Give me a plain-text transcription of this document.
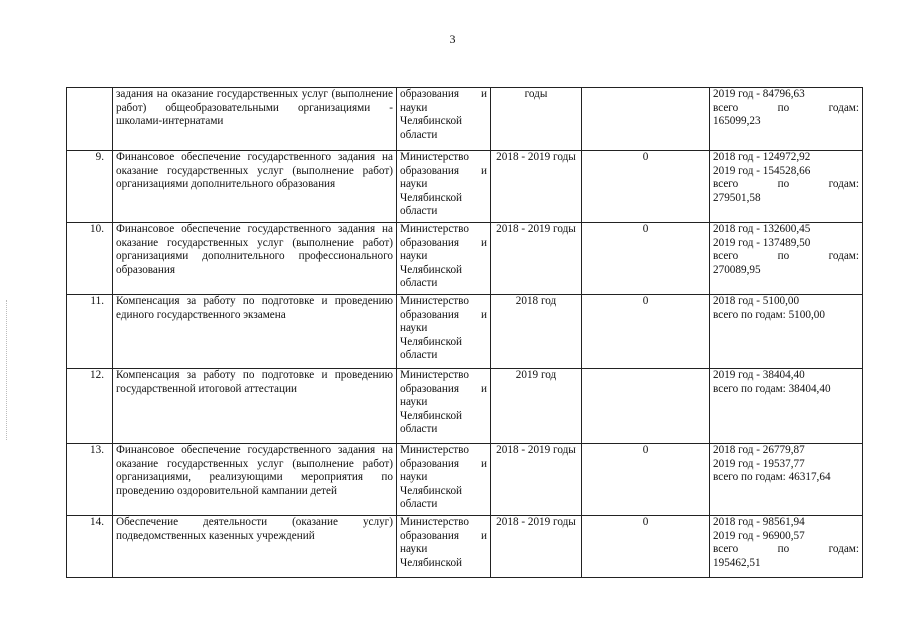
3
	задания на оказание государственных услуг (выполнение работ) общеобразовательными организациями - школами-интернатами	образования и науки Челябинской области	годы		2019 год - 84796,63
всего по годам:
165099,23

9.	Финансовое обеспечение государственного задания на оказание государственных услуг (выполнение работ) организациями дополнительного образования	Министерство образования и науки Челябинской области	2018 - 2019 годы	0	2018 год - 124972,92
2019 год - 154528,66
всего по годам:
279501,58

10.	Финансовое обеспечение государственного задания на оказание государственных услуг (выполнение работ) организациями дополнительного профессионального образования	Министерство образования и науки Челябинской области	2018 - 2019 годы	0	2018 год - 132600,45
2019 год - 137489,50
всего по годам:
270089,95

11.	Компенсация за работу по подготовке и проведению единого государственного экзамена	Министерство образования и науки Челябинской области	2018 год	0	2018 год - 5100,00
всего по годам: 5100,00

12.	Компенсация за работу по подготовке и проведению государственной итоговой аттестации	Министерство образования и науки Челябинской области	2019 год		2019 год - 38404,40
всего по годам: 38404,40

13.	Финансовое обеспечение государственного задания на оказание государственных услуг (выполнение работ) организациями, реализующими мероприятия по проведению оздоровительной кампании детей	Министерство образования и науки Челябинской области	2018 - 2019 годы	0	2018 год - 26779,87
2019 год - 19537,77
всего по годам: 46317,64

14.	Обеспечение деятельности (оказание услуг) подведомственных казенных учреждений	Министерство образования и науки Челябинской	2018 - 2019 годы	0	2018 год - 98561,94
2019 год - 96900,57
всего по годам:
195462,51
